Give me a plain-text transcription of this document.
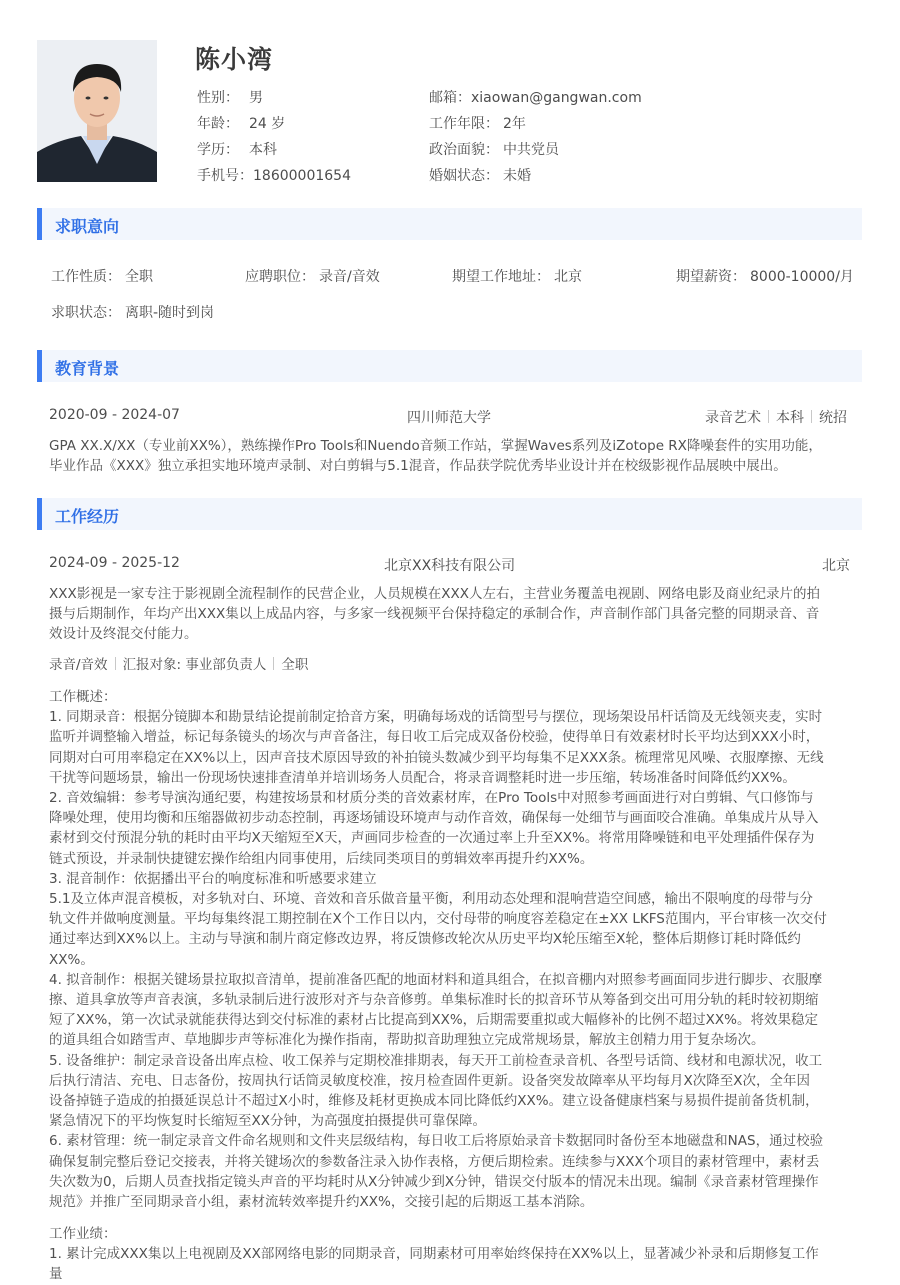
陈小湾
性别： 男
年龄： 24 岁
学历： 本科
手机号：18600001654
邮箱：xiaowan@gangwan.com
工作年限： 2年
政治面貌： 中共党员
婚姻状态： 未婚
求职意向
工作性质： 全职	应聘职位： 录音/音效	期望工作地址： 北京	期望薪资： 8000-10000/月
求职状态： 离职-随时到岗
教育背景
2020-09 - 2024-07	四川师范大学	录音艺术 本科 统招
GPA XX.X/XX（专业前XX%），熟练操作Pro Tools和Nuendo音频工作站，掌握Waves系列及iZotope RX降噪套件的实用功能，
毕业作品《XXX》独立承担实地环境声录制、对白剪辑与5.1混音，作品获学院优秀毕业设计并在校级影视作品展映中展出。
工作经历
2024-09 - 2025-12	北京XX科技有限公司	北京
XXX影视是一家专注于影视剧全流程制作的民营企业，人员规模在XXX人左右，主营业务覆盖电视剧、网络电影及商业纪录片的拍
摄与后期制作，年均产出XXX集以上成品内容，与多家一线视频平台保持稳定的承制合作，声音制作部门具备完整的同期录音、音
效设计及终混交付能力。
录音/音效 汇报对象: 事业部负责人 全职
工作概述：
1. 同期录音：根据分镜脚本和勘景结论提前制定拾音方案，明确每场戏的话筒型号与摆位，现场架设吊杆话筒及无线领夹麦，实时
监听并调整输入增益，标记每条镜头的场次与声音备注，每日收工后完成双备份校验，使得单日有效素材时长平均达到XXX小时，
同期对白可用率稳定在XX%以上，因声音技术原因导致的补拍镜头数减少到平均每集不足XXX条。梳理常见风噪、衣服摩擦、无线
干扰等问题场景，输出一份现场快速排查清单并培训场务人员配合，将录音调整耗时进一步压缩，转场准备时间降低约XX%。
2. 音效编辑：参考导演沟通纪要，构建按场景和材质分类的音效素材库，在Pro Tools中对照参考画面进行对白剪辑、气口修饰与
降噪处理，使用均衡和压缩器做初步动态控制，再逐场铺设环境声与动作音效，确保每一处细节与画面咬合准确。单集成片从导入
素材到交付预混分轨的耗时由平均X天缩短至X天，声画同步检查的一次通过率上升至XX%。将常用降噪链和电平处理插件保存为
链式预设，并录制快捷键宏操作给组内同事使用，后续同类项目的剪辑效率再提升约XX%。
3. 混音制作：依据播出平台的响度标准和听感要求建立
5.1及立体声混音模板，对多轨对白、环境、音效和音乐做音量平衡，利用动态处理和混响营造空间感，输出不限响度的母带与分
轨文件并做响度测量。平均每集终混工期控制在X个工作日以内，交付母带的响度容差稳定在±XX LKFS范围内，平台审核一次交付
通过率达到XX%以上。主动与导演和制片商定修改边界，将反馈修改轮次从历史平均X轮压缩至X轮，整体后期修订耗时降低约
XX%。
4. 拟音制作：根据关键场景拉取拟音清单，提前准备匹配的地面材料和道具组合，在拟音棚内对照参考画面同步进行脚步、衣服摩
擦、道具拿放等声音表演，多轨录制后进行波形对齐与杂音修剪。单集标准时长的拟音环节从筹备到交出可用分轨的耗时较初期缩
短了XX%，第一次试录就能获得达到交付标准的素材占比提高到XX%，后期需要重拟或大幅修补的比例不超过XX%。将效果稳定
的道具组合如踏雪声、草地脚步声等标准化为操作指南，帮助拟音助理独立完成常规场景，解放主创精力用于复杂场次。
5. 设备维护：制定录音设备出库点检、收工保养与定期校准排期表，每天开工前检查录音机、各型号话筒、线材和电源状况，收工
后执行清洁、充电、日志备份，按周执行话筒灵敏度校准，按月检查固件更新。设备突发故障率从平均每月X次降至X次，全年因
设备掉链子造成的拍摄延误总计不超过X小时，维修及耗材更换成本同比降低约XX%。建立设备健康档案与易损件提前备货机制，
紧急情况下的平均恢复时长缩短至XX分钟，为高强度拍摄提供可靠保障。
6. 素材管理：统一制定录音文件命名规则和文件夹层级结构，每日收工后将原始录音卡数据同时备份至本地磁盘和NAS，通过校验
确保复制完整后登记交接表，并将关键场次的参数备注录入协作表格，方便后期检索。连续参与XXX个项目的素材管理中，素材丢
失次数为0，后期人员查找指定镜头声音的平均耗时从X分钟减少到X分钟，错误交付版本的情况未出现。编制《录音素材管理操作
规范》并推广至同期录音小组，素材流转效率提升约XX%，交接引起的后期返工基本消除。
工作业绩：
1. 累计完成XXX集以上电视剧及XX部网络电影的同期录音，同期素材可用率始终保持在XX%以上，显著减少补录和后期修复工作
量
